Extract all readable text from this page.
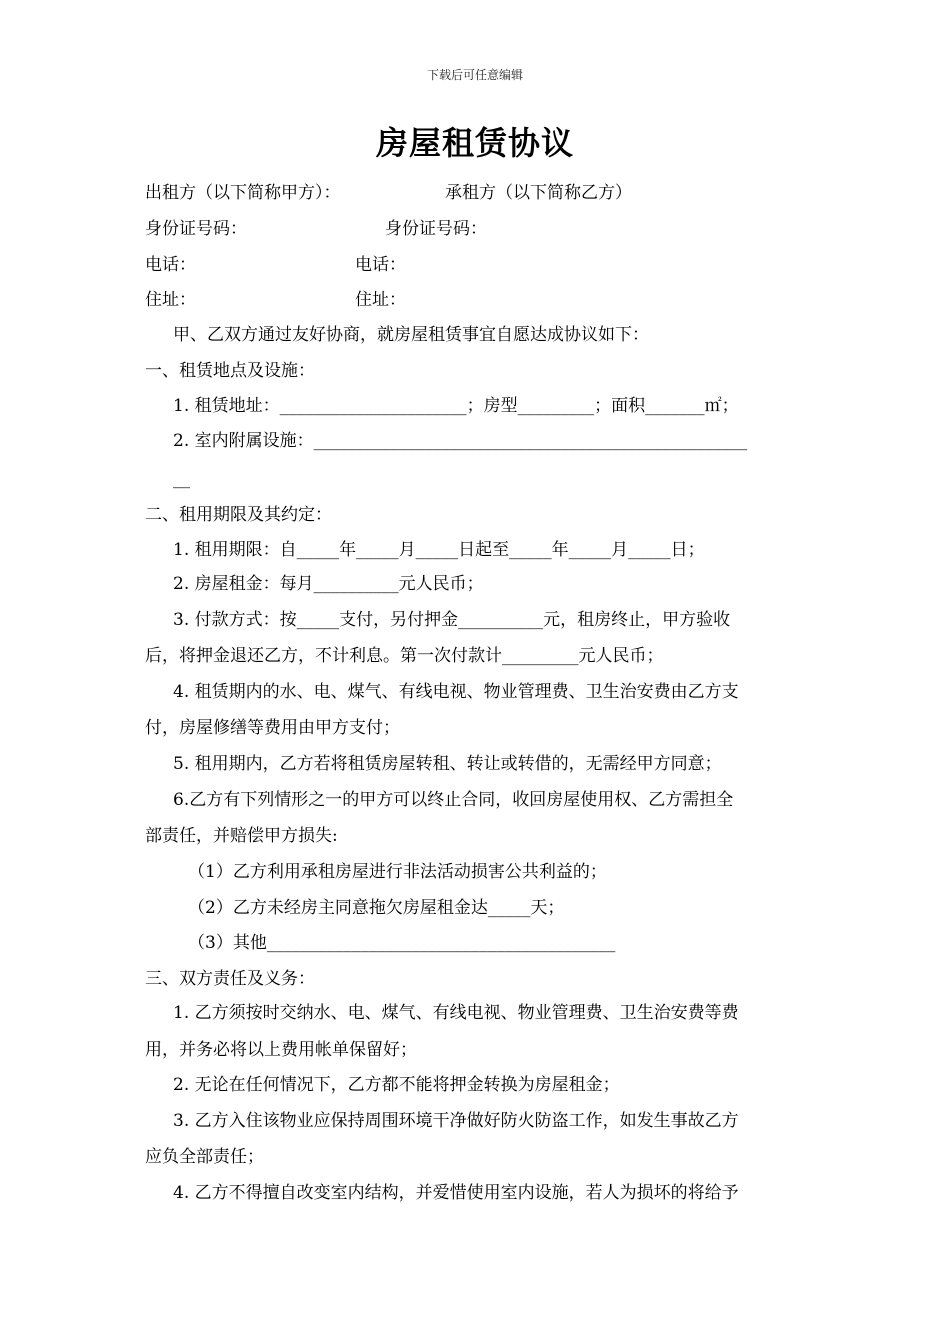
下载后可任意编辑
房屋租赁协议
出租方（以下简称甲方）：	承租方（以下简称乙方）
身份证号码：	身份证号码：
电话：	电话：
住址：	住址：
甲、乙双方通过友好协商，就房屋租赁事宜自愿达成协议如下：
一、租赁地点及设施：
1. 租赁地址：______________________；房型_________；面积_______㎡；
2. 室内附属设施：___________________________________________________
__
二、租用期限及其约定：
1. 租用期限：自_____年_____月_____日起至_____年_____月_____日；
2. 房屋租金：每月__________元人民币；
3. 付款方式：按_____支付，另付押金__________元，租房终止，甲方验收
后，将押金退还乙方，不计利息。第一次付款计_________元人民币；
4. 租赁期内的水、电、煤气、有线电视、物业管理费、卫生治安费由乙方支
付，房屋修缮等费用由甲方支付；
5. 租用期内，乙方若将租赁房屋转租、转让或转借的，无需经甲方同意；
6.乙方有下列情形之一的甲方可以终止合同，收回房屋使用权、乙方需担全
部责任，并赔偿甲方损失:
（1）乙方利用承租房屋进行非法活动损害公共利益的；
（2）乙方未经房主同意拖欠房屋租金达_____天；
（3）其他_________________________________________
三、双方责任及义务：
1. 乙方须按时交纳水、电、煤气、有线电视、物业管理费、卫生治安费等费
用，并务必将以上费用帐单保留好；
2. 无论在任何情况下，乙方都不能将押金转换为房屋租金；
3. 乙方入住该物业应保持周围环境干净做好防火防盗工作，如发生事故乙方
应负全部责任；
4. 乙方不得擅自改变室内结构，并爱惜使用室内设施，若人为损坏的将给予
